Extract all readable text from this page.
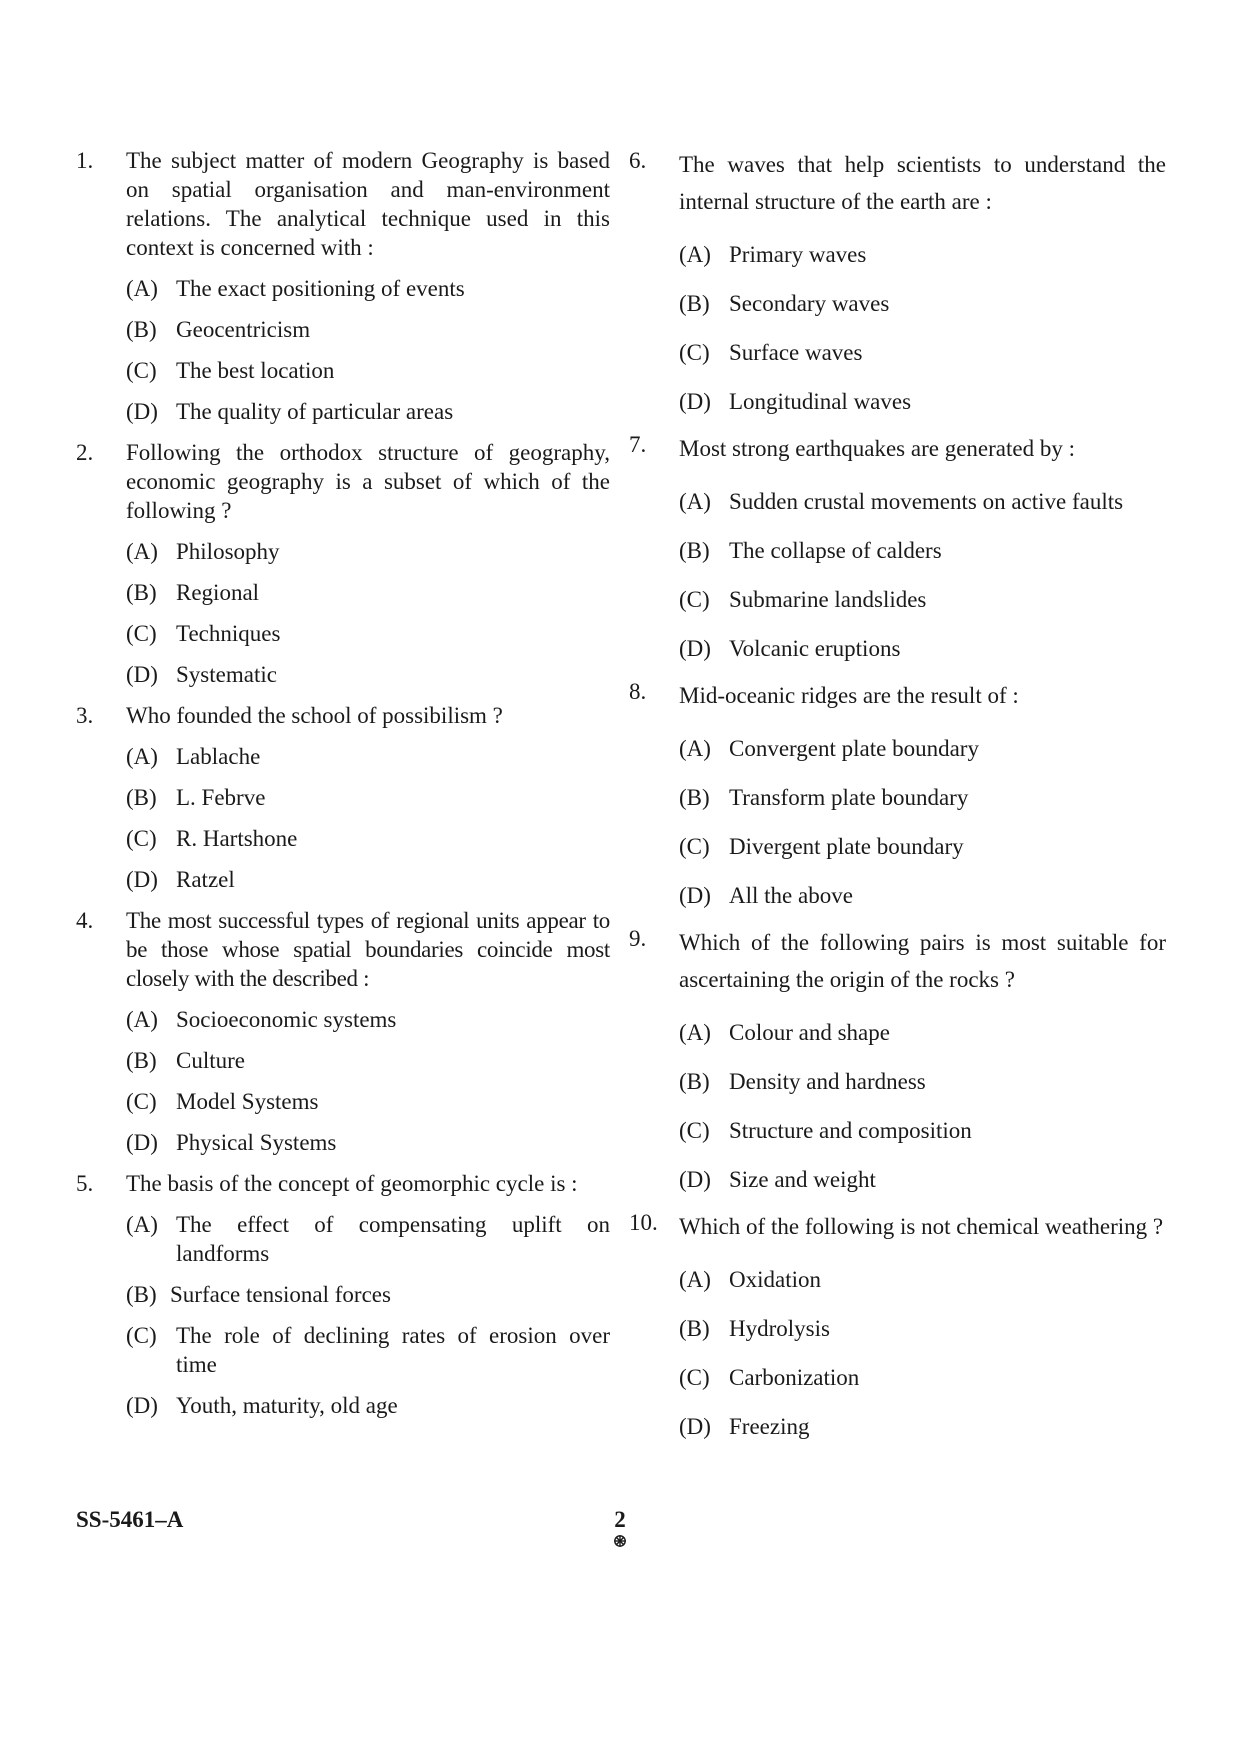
1.	The subject matter of modern Geography is based on spatial organisation and man-environment relations. The analytical technique used in this context is concerned with :

(A) The exact positioning of events
(B) Geocentricism
(C) The best location
(D) The quality of particular areas
2.	Following the orthodox structure of geography, economic geography is a subset of which of the following ?

(A) Philosophy
(B) Regional
(C) Techniques
(D) Systematic
3.	Who founded the school of possibilism ?

(A) Lablache
(B) L. Febrve
(C) R. Hartshone
(D) Ratzel
4.	The most successful types of regional units appear to be those whose spatial boundaries coincide most closely with the described :

(A) Socioeconomic systems
(B) Culture
(C) Model Systems
(D) Physical Systems
5.	The basis of the concept of geomorphic cycle is :

(A) The effect of compensating uplift on landforms
(B) Surface tensional forces
(C) The role of declining rates of erosion over time
(D) Youth, maturity, old age
6.	The waves that help scientists to understand the internal structure of the earth are :

(A) Primary waves
(B) Secondary waves
(C) Surface waves
(D) Longitudinal waves
7.	Most strong earthquakes are generated by :

(A) Sudden crustal movements on active faults
(B) The collapse of calders
(C) Submarine landslides
(D) Volcanic eruptions
8.	Mid-oceanic ridges are the result of :

(A) Convergent plate boundary
(B) Transform plate boundary
(C) Divergent plate boundary
(D) All the above
9.	Which of the following pairs is most suitable for ascertaining the origin of the rocks ?

(A) Colour and shape
(B) Density and hardness
(C) Structure and composition
(D) Size and weight
10. Which of the following is not chemical weathering ?

(A) Oxidation
(B) Hydrolysis
(C) Carbonization
(D) Freezing
SS-5461–A	2
